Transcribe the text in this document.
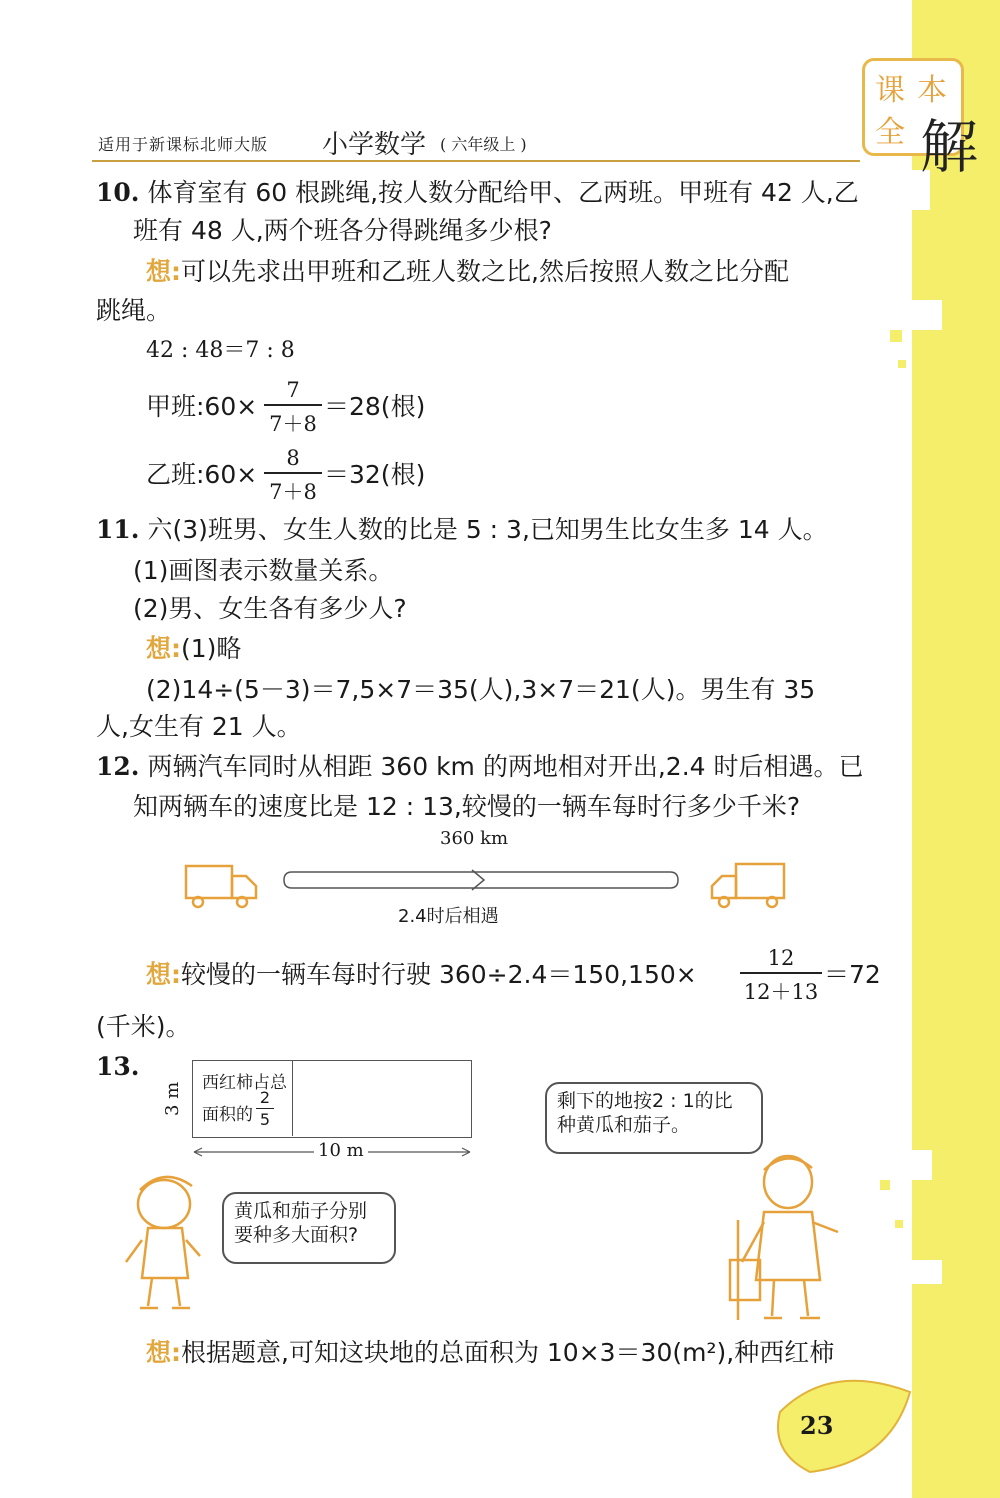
课 本
全 解
适用于新课标北师大版 小学数学 ( 六年级上 )
10. 体育室有 60 根跳绳,按人数分配给甲、乙两班。甲班有 42 人,乙
班有 48 人,两个班各分得跳绳多少根?
想:可以先求出甲班和乙班人数之比,然后按照人数之比分配
跳绳。
42 : 48＝7 : 8
甲班:60×
7
7＋8
＝28(根)
乙班:60×
8
7＋8
＝32(根)
11. 六(3)班男、女生人数的比是 5 : 3,已知男生比女生多 14 人。
(1)画图表示数量关系。
(2)男、女生各有多少人?
想:(1)略
(2)14÷(5－3)＝7,5×7＝35(人),3×7＝21(人)。男生有 35
人,女生有 21 人。
12. 两辆汽车同时从相距 360 km 的两地相对开出,2.4 时后相遇。已
知两辆车的速度比是 12 : 13,较慢的一辆车每时行多少千米?
360 km
2.4时后相遇
想:较慢的一辆车每时行驶 360÷2.4＝150,150×
12
12＋13
＝72
(千米)。
13.
西红柿占总
面积的
2
5
3 m
10 m
剩下的地按2 : 1的比
种黄瓜和茄子。
黄瓜和茄子分别
要种多大面积?
想:根据题意,可知这块地的总面积为 10×3＝30(m²),种西红柿
23
